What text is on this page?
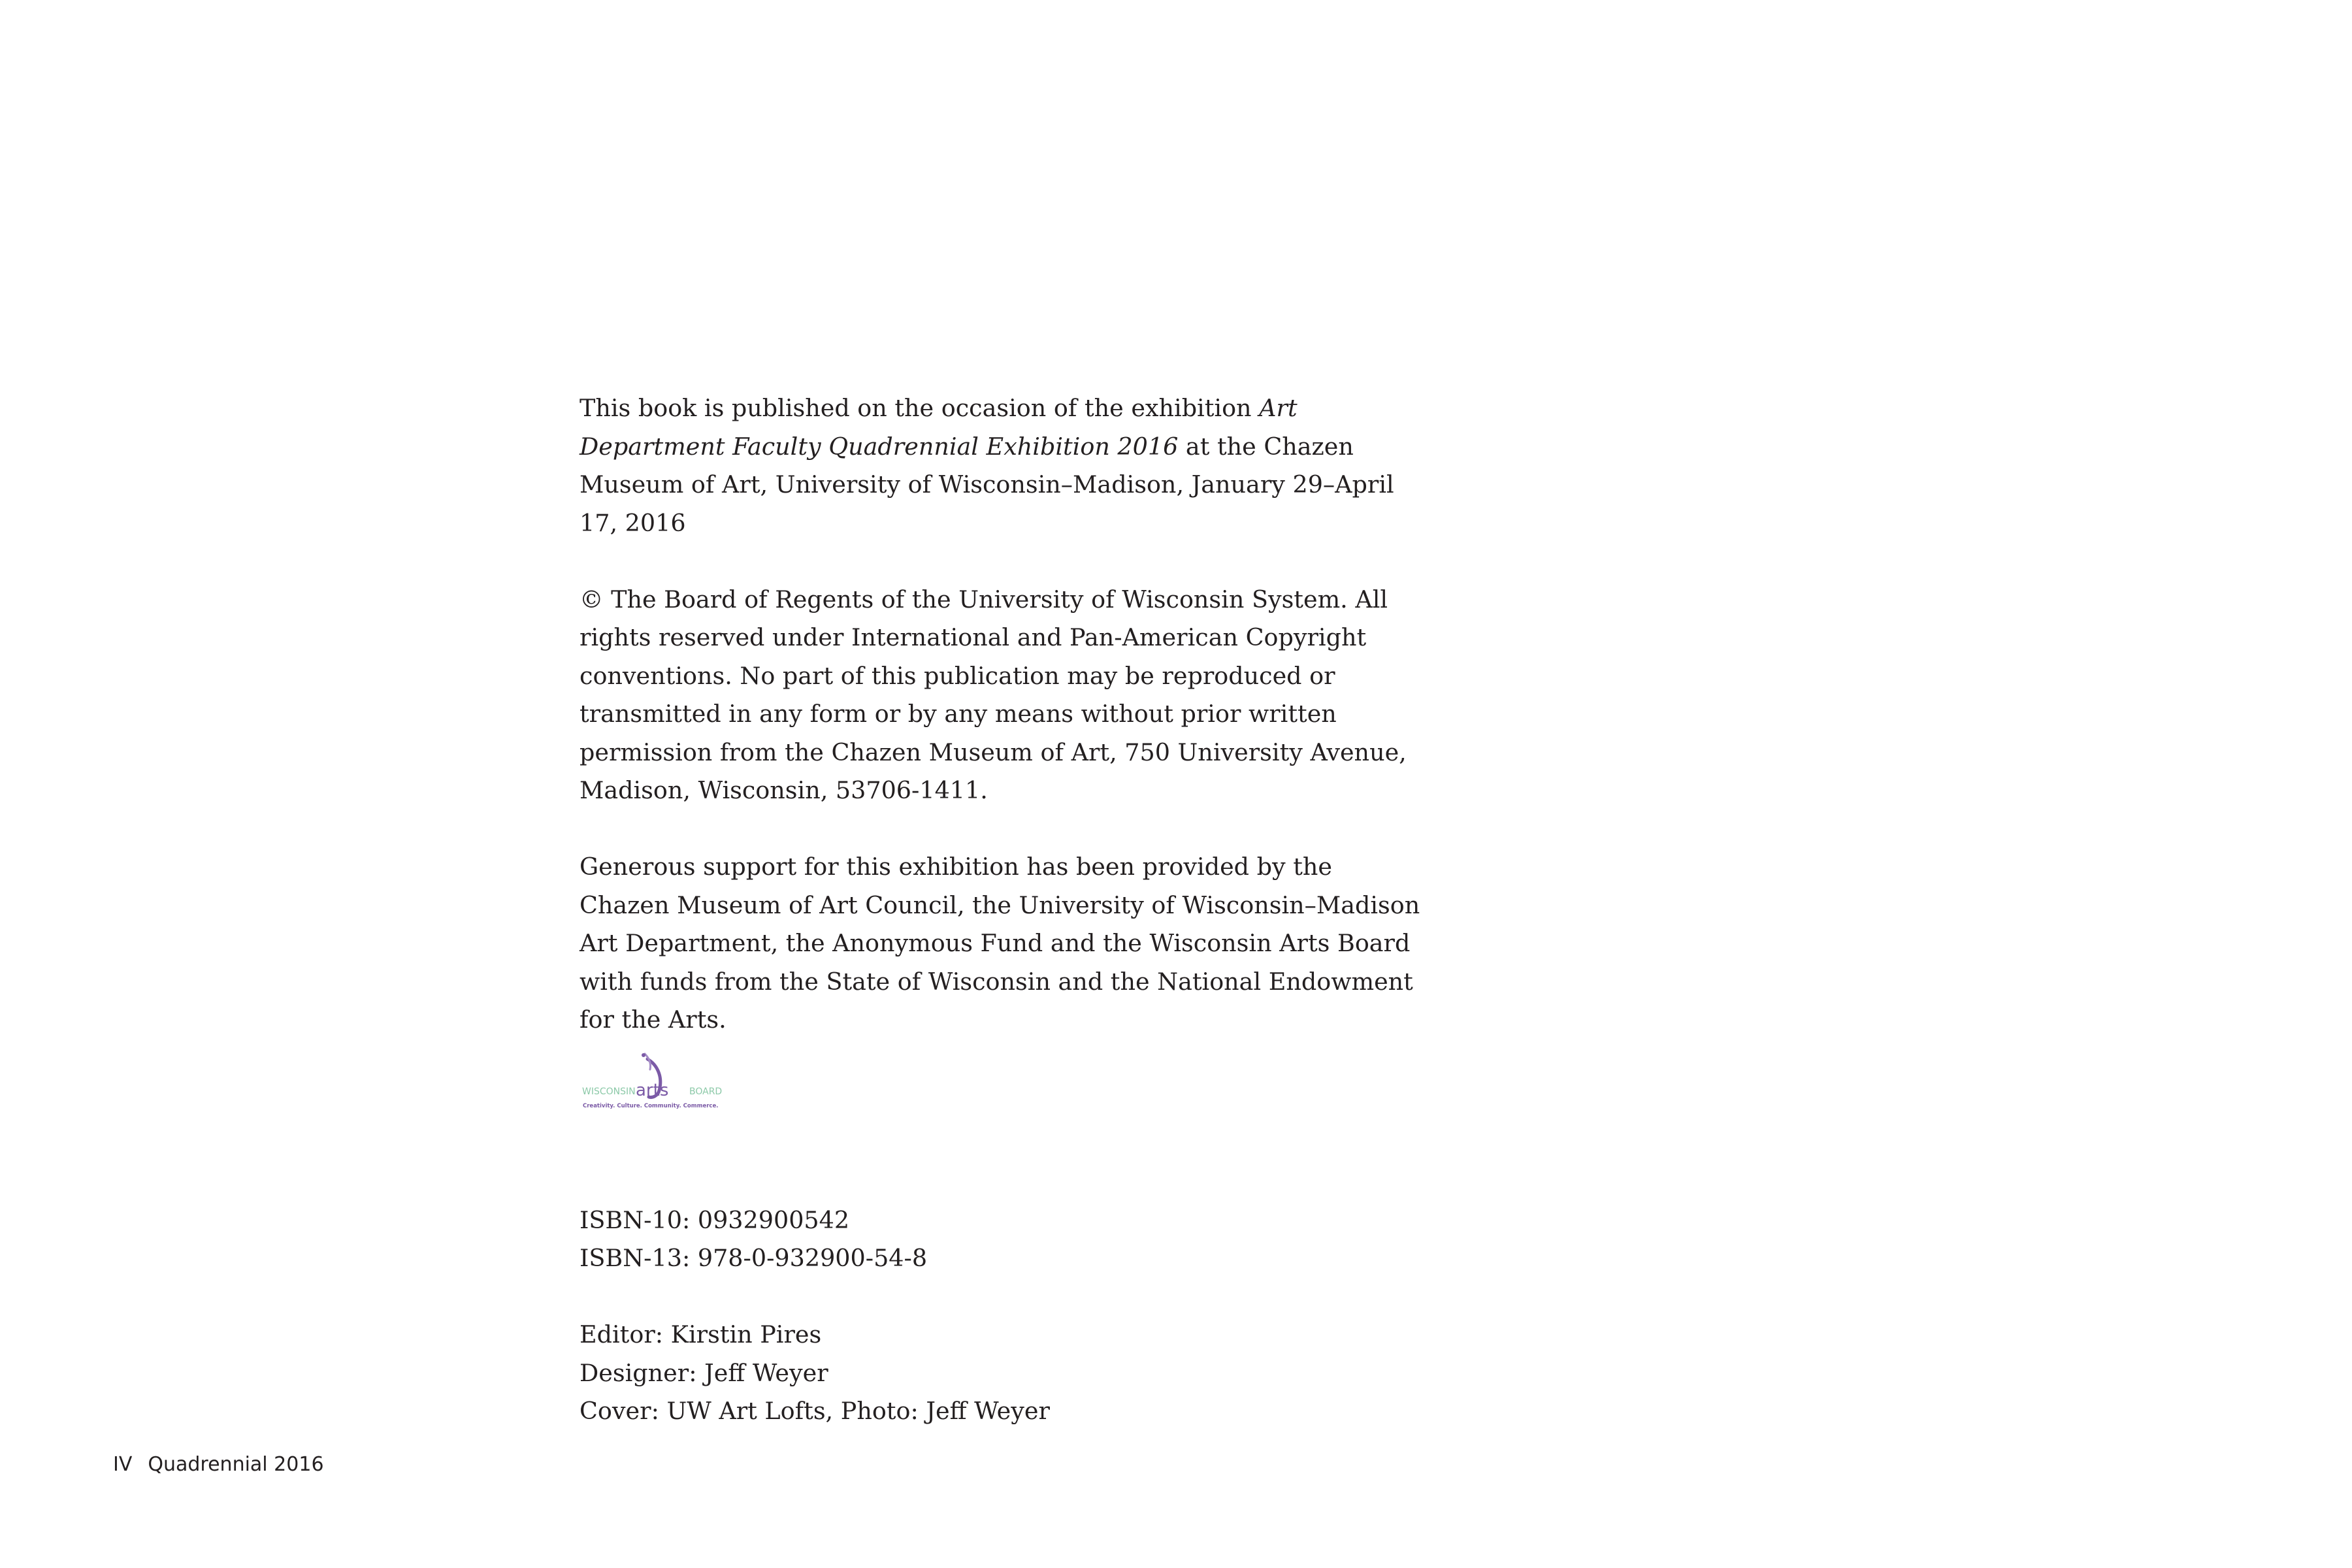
This book is published on the occasion of the exhibition Art Department Faculty Quadrennial Exhibition 2016 at the Chazen Museum of Art, University of Wisconsin–Madison, January 29–April 17, 2016

© The Board of Regents of the University of Wisconsin System. All rights reserved under International and Pan-American Copyright conventions. No part of this publication may be reproduced or transmitted in any form or by any means without prior written permission from the Chazen Museum of Art, 750 University Avenue, Madison, Wisconsin, 53706-1411.

Generous support for this exhibition has been provided by the Chazen Museum of Art Council, the University of Wisconsin–Madison Art Department, the Anonymous Fund and the Wisconsin Arts Board with funds from the State of Wisconsin and the National Endowment for the Arts.

WISCONSIN arts BOARD
Creativity. Culture. Community. Commerce.
ISBN-10: 0932900542
ISBN-13: 978-0-932900-54-8
Editor: Kirstin Pires
Designer: Jeff Weyer
Cover: UW Art Lofts, Photo: Jeff Weyer
IV Quadrennial 2016
